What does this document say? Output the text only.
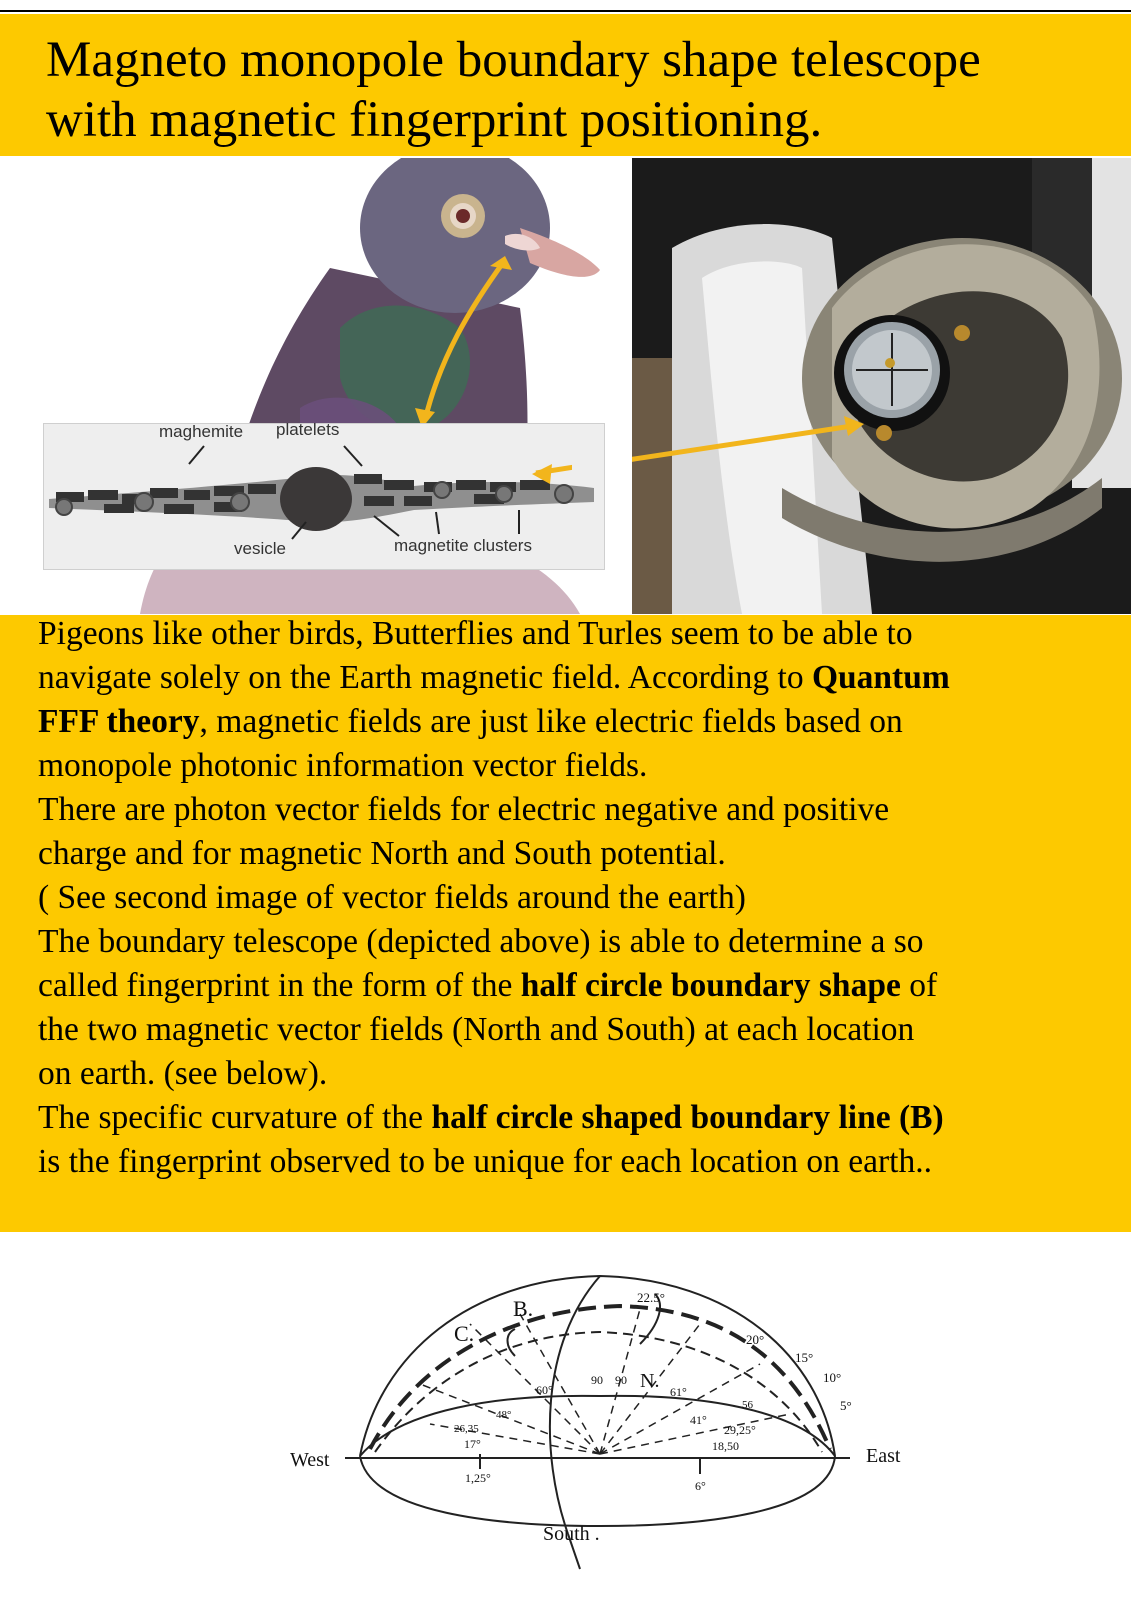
Magneto monopole boundary shape telescope
with magnetic fingerprint positioning.
maghemite platelets
vesicle	magnetite clusters
Pigeons like other birds, Butterflies and Turles seem to be able to
navigate solely on the Earth magnetic field. According to Quantum
FFF theory, magnetic fields are just like electric fields based on
monopole photonic information vector fields.
There are photon vector fields for electric negative and positive
charge and for magnetic North and South potential.
( See second image of vector fields around the earth)
The boundary telescope (depicted above) is able to determine a so
called fingerprint in the form of the half circle boundary shape of
the two magnetic vector fields (North and South) at each location
on earth. (see below).
The specific curvature of the half circle shaped boundary line (B)
is the fingerprint observed to be unique for each location on earth..
West	East
South .
N.
B.
C.
22.5°
20°
15°
10°
5°
60°
90 90
61°
41°
29,25°
18,50
6°
1,25°
17°
26,35
48°
56
